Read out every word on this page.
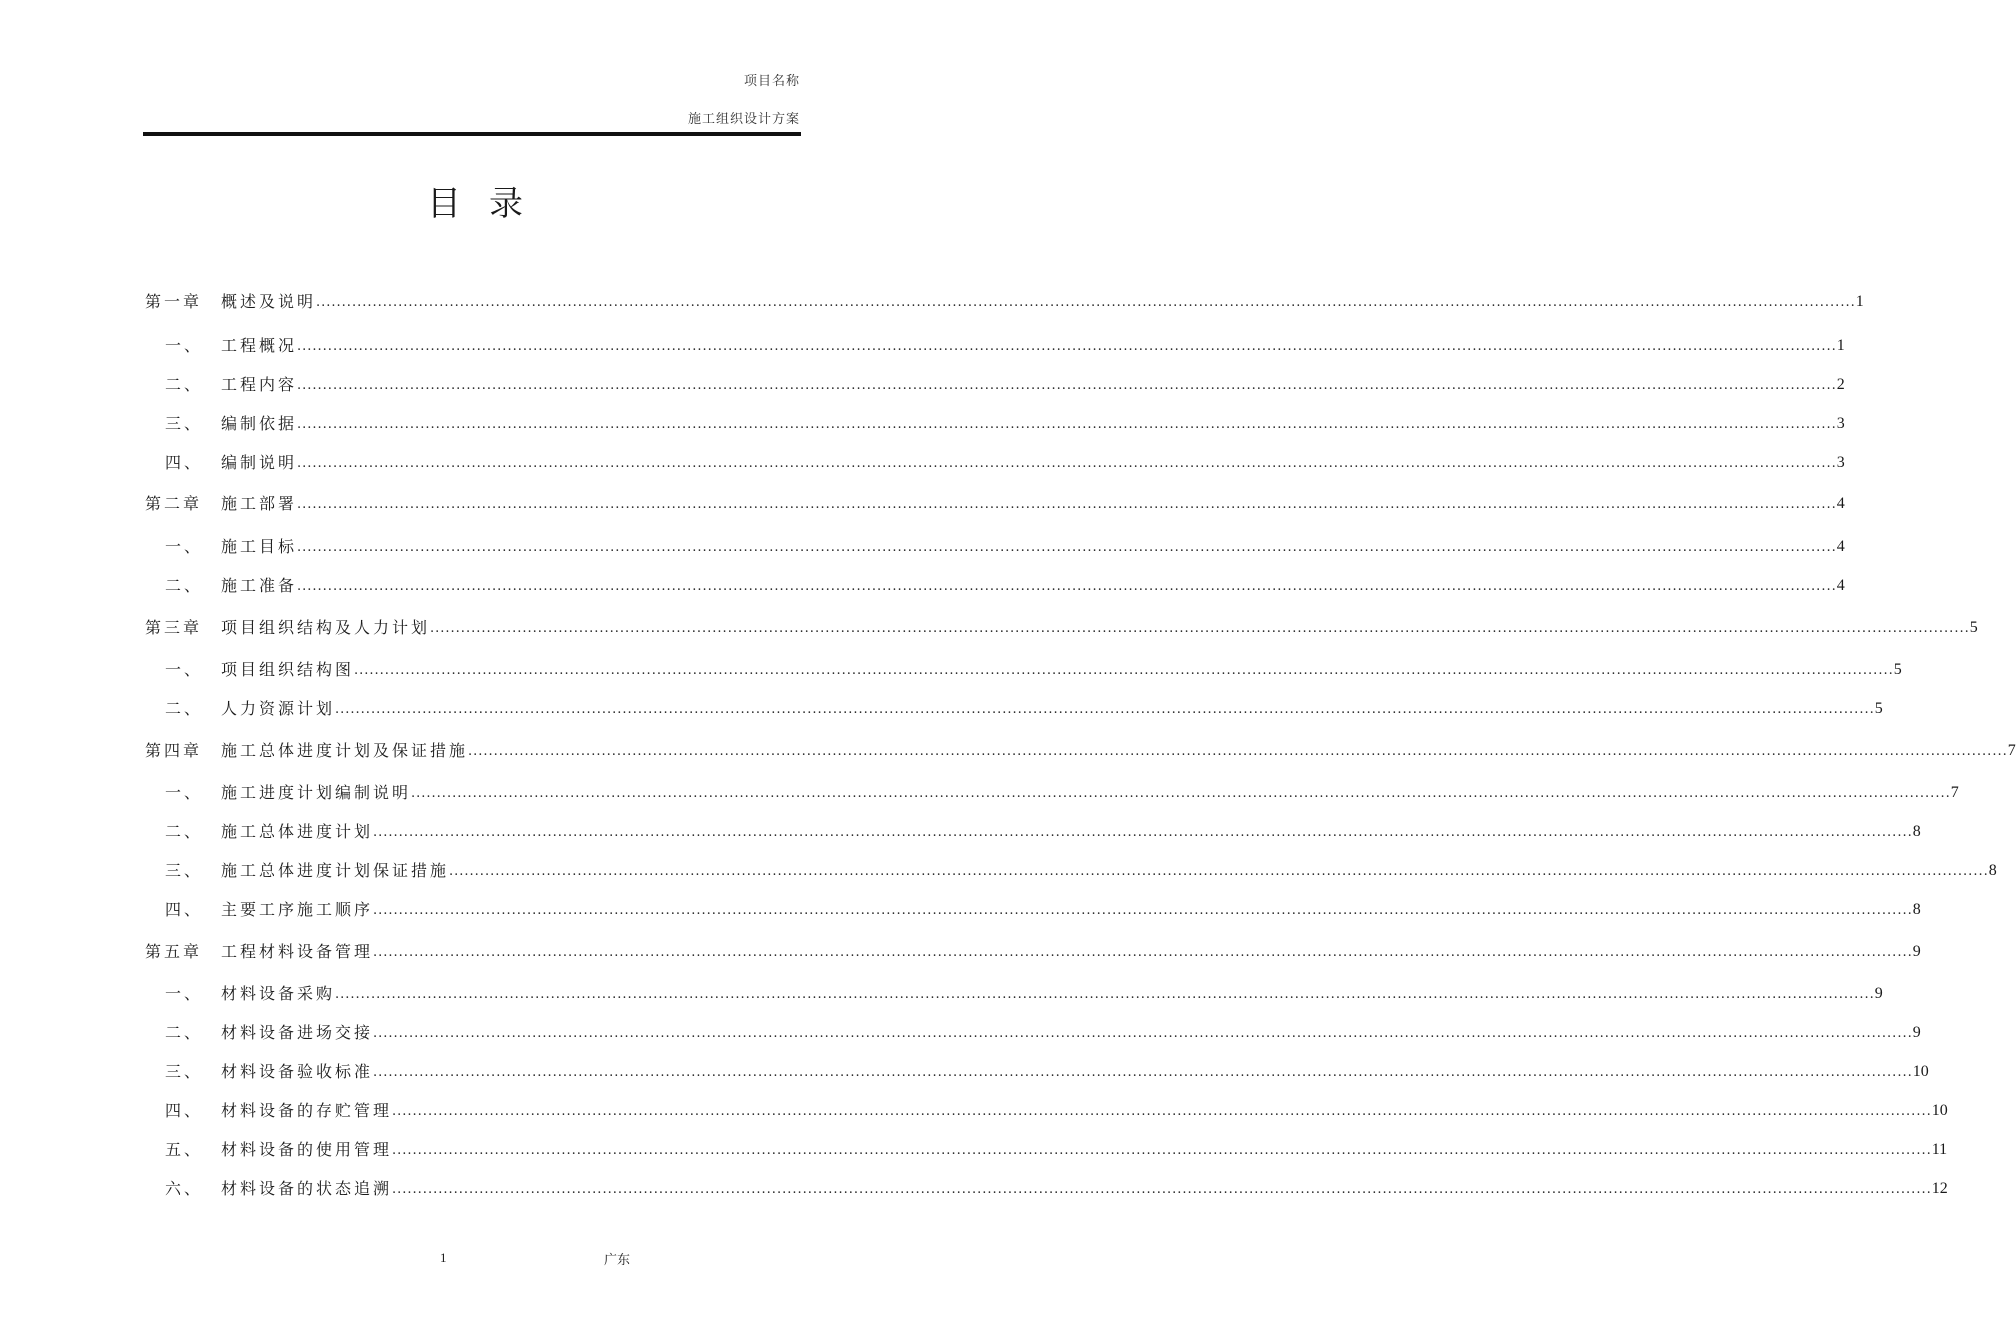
项目名称
施工组织设计方案
目录
第一章	概述及说明 ............................................................................................................................................................................................................................................................................................................ 1
一、	工程概况 ............................................................................................................................................................................................................................................................................................................ 1
二、	工程内容 ............................................................................................................................................................................................................................................................................................................ 2
三、	编制依据 ............................................................................................................................................................................................................................................................................................................ 3
四、	编制说明 ............................................................................................................................................................................................................................................................................................................ 3
第二章	施工部署 ............................................................................................................................................................................................................................................................................................................ 4
一、	施工目标 ............................................................................................................................................................................................................................................................................................................ 4
二、	施工准备 ............................................................................................................................................................................................................................................................................................................ 4
第三章	项目组织结构及人力计划 ............................................................................................................................................................................................................................................................................................................ 5
一、	项目组织结构图 ............................................................................................................................................................................................................................................................................................................ 5
二、	人力资源计划 ............................................................................................................................................................................................................................................................................................................ 5
第四章	施工总体进度计划及保证措施 ............................................................................................................................................................................................................................................................................................................ 7
一、	施工进度计划编制说明 ............................................................................................................................................................................................................................................................................................................ 7
二、	施工总体进度计划 ............................................................................................................................................................................................................................................................................................................ 8
三、	施工总体进度计划保证措施 ............................................................................................................................................................................................................................................................................................................ 8
四、	主要工序施工顺序 ............................................................................................................................................................................................................................................................................................................ 8
第五章	工程材料设备管理 ............................................................................................................................................................................................................................................................................................................ 9
一、	材料设备采购 ............................................................................................................................................................................................................................................................................................................ 9
二、	材料设备进场交接 ............................................................................................................................................................................................................................................................................................................ 9
三、	材料设备验收标准 ............................................................................................................................................................................................................................................................................................................ 10
四、	材料设备的存贮管理 ............................................................................................................................................................................................................................................................................................................ 10
五、	材料设备的使用管理 ............................................................................................................................................................................................................................................................................................................ 11
六、	材料设备的状态追溯 ............................................................................................................................................................................................................................................................................................................ 12
1	广东
